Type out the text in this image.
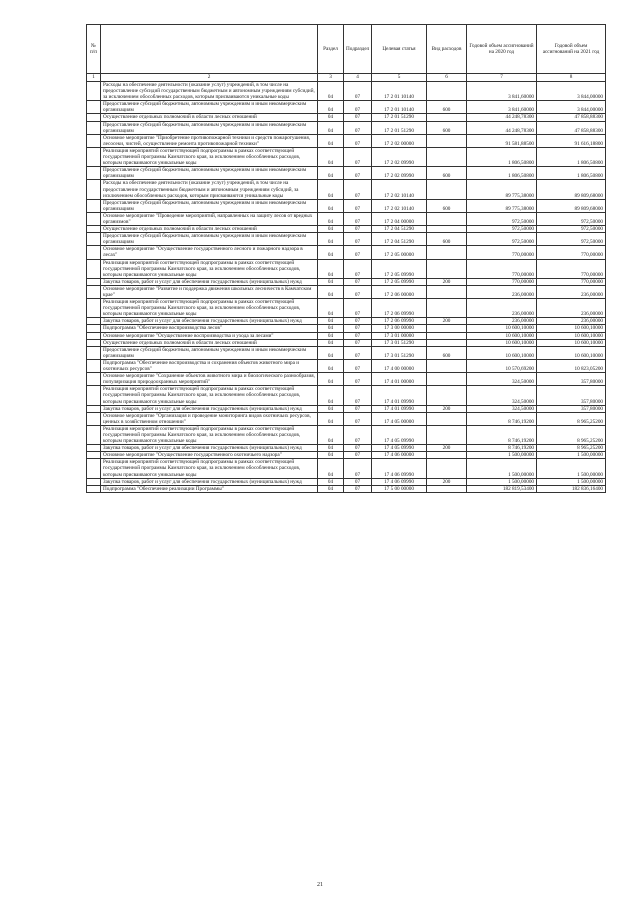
№ п/п		Раздел	Подраздел	Целевая статья	Вид расходов	Годовой объем ассигнований на 2020 год	Годовой объем ассигнований на 2021 год
1	2	3	4	5	6	7	8
	Расходы на обеспечение деятельности (оказание услуг) учреждений, в том числе на предоставление субсидий государственным бюджетным и автономным учреждениям субсидий, за исключением обособленных расходов, которым присваиваются уникальные коды	04	07	17 2 01 10140		3 841,60000	3 844,00000
	Предоставление субсидий бюджетным, автономным учреждениям и иным некоммерческим организациям	04	07	17 2 01 10140	600	3 841,60000	3 844,00000
	Осуществление отдельных полномочий в области лесных отношений	04	07	17 2 01 51290		44 248,78300	47 858,88300
	Предоставление субсидий бюджетным, автономным учреждениям и иным некоммерческим организациям	04	07	17 2 01 51290	600	44 248,78300	47 858,88300
	Основное мероприятие "Приобретение противопожарной техники и средств пожаротушения, лесосеки, чистей, осуществление ремонта противопожарной техники"	04	07	17 2 02 00000		91 581,88500	91 616,18800
	Реализация мероприятий соответствующей подпрограммы в рамках соответствующей государственной программы Камчатского края, за исключением обособленных расходов, которым присваиваются уникальные коды	04	07	17 2 02 09990		1 806,50800	1 806,50800
	Предоставление субсидий бюджетным, автономным учреждениям и иным некоммерческим организациям	04	07	17 2 02 09990	600	1 806,50800	1 806,50800
	Расходы на обеспечение деятельности (оказание услуг) учреждений, в том числе на предоставление государственным бюджетным и автономным учреждениям субсидий, за исключением обособленных расходов, которым присваиваются уникальные коды	04	07	17 2 02 10140		89 775,38000	89 809,68000
	Предоставление субсидий бюджетным, автономным учреждениям и иным некоммерческим организациям	04	07	17 2 02 10140	600	89 775,38000	89 809,68000
	Основное мероприятие "Проведение мероприятий, направленных на защиту лесов от вредных организмов"	04	07	17 2 04 00000		972,50000	972,50000
	Осуществление отдельных полномочий в области лесных отношений	04	07	17 2 04 51290		972,50000	972,50000
	Предоставление субсидий бюджетным, автономным учреждениям и иным некоммерческим организациям	04	07	17 2 04 51290	600	972,50000	972,50000
	Основное мероприятие "Осуществление государственного лесного и пожарного надзора в лесах"	04	07	17 2 05 00000		770,00000	770,00000
	Реализация мероприятий соответствующей подпрограммы в рамках соответствующей государственной программы Камчатского края, за исключением обособленных расходов, которым присваиваются уникальные коды	04	07	17 2 05 09990		770,00000	770,00000
	Закупка товаров, работ и услуг для обеспечения государственных (муниципальных) нужд	04	07	17 2 05 09990	200	770,00000	770,00000
	Основное мероприятие "Развитие и поддержка движения школьных лесничеств в Камчатском крае"	04	07	17 2 06 00000		236,00000	236,00000
	Реализация мероприятий соответствующей подпрограммы в рамках соответствующей государственной программы Камчатского края, за исключением обособленных расходов, которым присваиваются уникальные коды	04	07	17 2 06 09990		236,00000	236,00000
	Закупка товаров, работ и услуг для обеспечения государственных (муниципальных) нужд	04	07	17 2 06 09990	200	236,00000	236,00000
	Подпрограмма "Обеспечение воспроизводства лесов"	04	07	17 3 00 00000		10 600,10000	10 600,10000
	Основное мероприятие "Осуществление воспроизводства и ухода за лесами"	04	07	17 3 01 00000		10 600,10000	10 600,10000
	Осуществление отдельных полномочий в области лесных отношений	04	07	17 3 01 51290		10 600,10000	10 600,10000
	Предоставление субсидий бюджетным, автономным учреждениям и иным некоммерческим организациям	04	07	17 3 01 51290	600	10 600,10000	10 600,10000
	Подпрограмма "Обеспечение воспроизводства и сохранения объектов животного мира и охотничьих ресурсов"	04	07	17 4 00 00000		10 570,69200	10 823,05200
	Основное мероприятие "Сохранение объектов животного мира и биологического разнообразия, популяризация природоохранных мероприятий"	04	07	17 4 01 00000		324,50000	357,80000
	Реализация мероприятий соответствующей подпрограммы в рамках соответствующей государственной программы Камчатского края, за исключением обособленных расходов, которым присваиваются уникальные коды	04	07	17 4 01 09990		324,50000	357,80000
	Закупка товаров, работ и услуг для обеспечения государственных (муниципальных) нужд	04	07	17 4 01 09990	200	324,50000	357,80000
	Основное мероприятие "Организация и проведение мониторинга видов охотничьих ресурсов, ценных в хозяйственном отношении"	04	07	17 4 05 00000		8 746,19200	8 965,25200
	Реализация мероприятий соответствующей подпрограммы в рамках соответствующей государственной программы Камчатского края, за исключением обособленных расходов, которым присваиваются уникальные коды	04	07	17 4 05 09990		8 746,19200	8 965,25200
	Закупка товаров, работ и услуг для обеспечения государственных (муниципальных) нужд	04	07	17 4 05 09990	200	8 746,19200	8 965,25200
	Основное мероприятие "Осуществление государственного охотничьего надзора"	04	07	17 4 06 00000		1 500,00000	1 500,00000
	Реализация мероприятий соответствующей подпрограммы в рамках соответствующей государственной программы Камчатского края, за исключением обособленных расходов, которым присваиваются уникальные коды	04	07	17 4 06 09990		1 500,00000	1 500,00000
	Закупка товаров, работ и услуг для обеспечения государственных (муниципальных) нужд	04	07	17 4 06 09990	200	1 500,00000	1 500,00000
	Подпрограмма "Обеспечение реализации Программы"	04	07	17 5 00 00000		182 819,53400	182 836,16400
21
